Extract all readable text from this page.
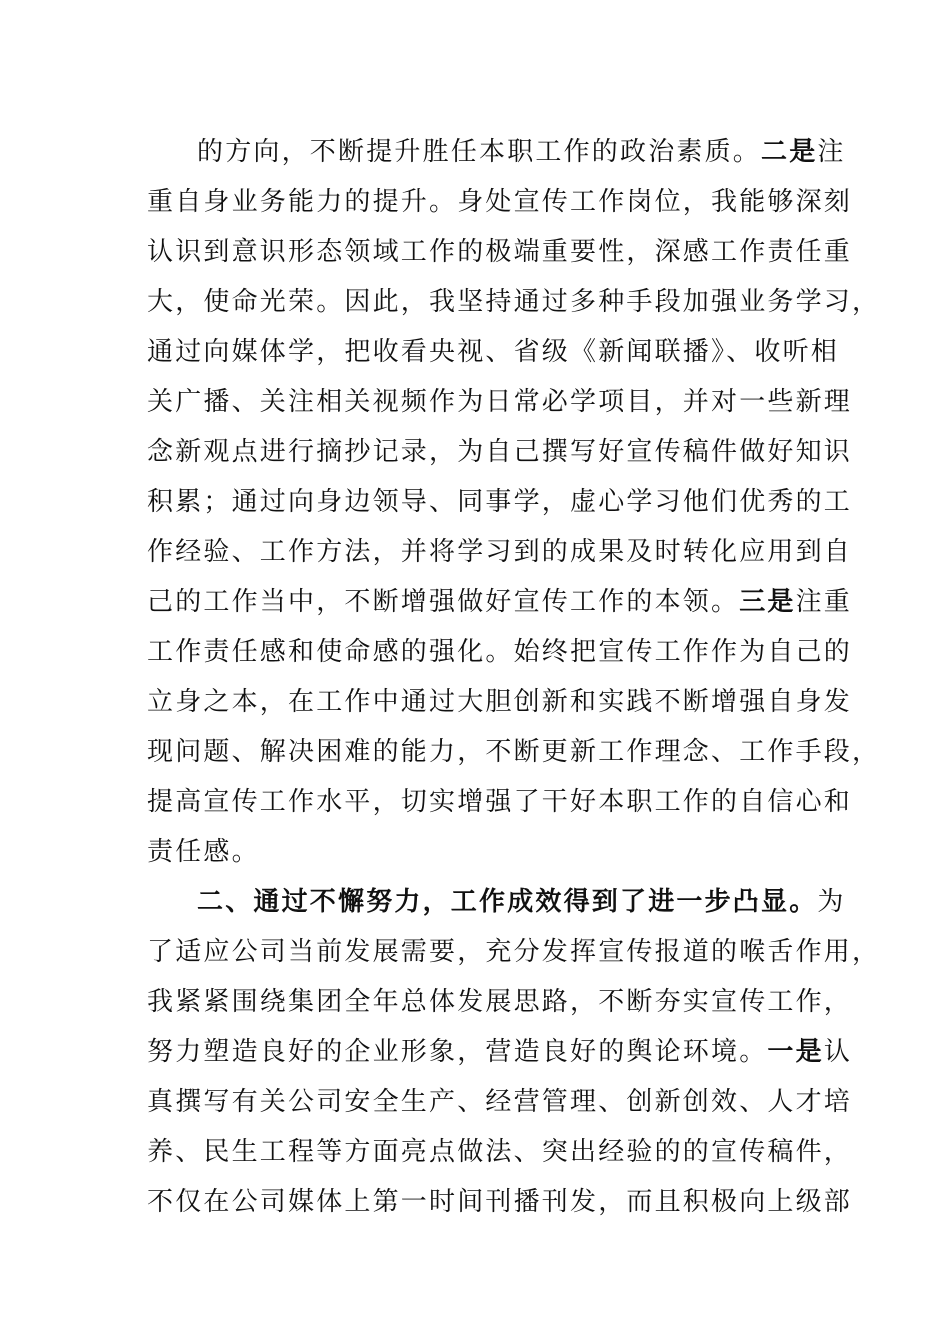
的方向，不断提升胜任本职工作的政治素质。二是注
重自身业务能力的提升。身处宣传工作岗位，我能够深刻
认识到意识形态领域工作的极端重要性，深感工作责任重
大，使命光荣。因此，我坚持通过多种手段加强业务学习，
通过向媒体学，把收看央视、省级《新闻联播》、收听相
关广播、关注相关视频作为日常必学项目，并对一些新理
念新观点进行摘抄记录，为自己撰写好宣传稿件做好知识
积累；通过向身边领导、同事学，虚心学习他们优秀的工
作经验、工作方法，并将学习到的成果及时转化应用到自
己的工作当中，不断增强做好宣传工作的本领。三是注重
工作责任感和使命感的强化。始终把宣传工作作为自己的
立身之本，在工作中通过大胆创新和实践不断增强自身发
现问题、解决困难的能力，不断更新工作理念、工作手段，
提高宣传工作水平，切实增强了干好本职工作的自信心和
责任感。
二、通过不懈努力，工作成效得到了进一步凸显。为
了适应公司当前发展需要，充分发挥宣传报道的喉舌作用，
我紧紧围绕集团全年总体发展思路，不断夯实宣传工作，
努力塑造良好的企业形象，营造良好的舆论环境。一是认
真撰写有关公司安全生产、经营管理、创新创效、人才培
养、民生工程等方面亮点做法、突出经验的的宣传稿件，
不仅在公司媒体上第一时间刊播刊发，而且积极向上级部
